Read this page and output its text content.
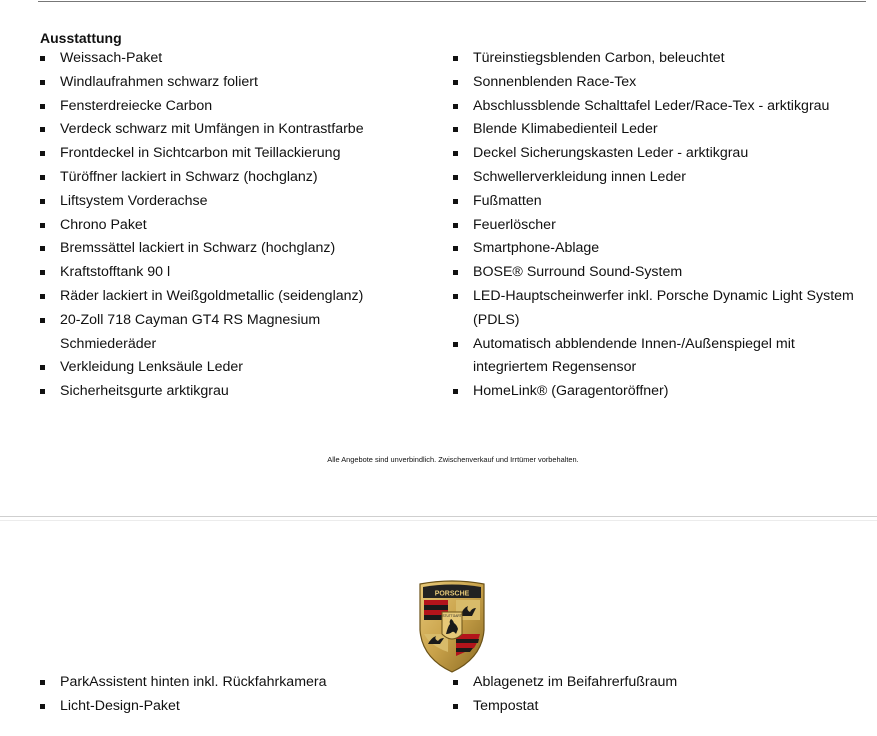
Ausstattung
Weissach-Paket
Windlaufrahmen schwarz foliert
Fensterdreiecke Carbon
Verdeck schwarz mit Umfängen in Kontrastfarbe
Frontdeckel in Sichtcarbon mit Teillackierung
Türöffner lackiert in Schwarz (hochglanz)
Liftsystem Vorderachse
Chrono Paket
Bremssättel lackiert in Schwarz (hochglanz)
Kraftstofftank 90 l
Räder lackiert in Weißgoldmetallic (seidenglanz)
20-Zoll 718 Cayman GT4 RS Magnesium Schmiederäder
Verkleidung Lenksäule Leder
Sicherheitsgurte arktikgrau
Türeinstiegsblenden Carbon, beleuchtet
Sonnenblenden Race-Tex
Abschlussblende Schalttafel Leder/Race-Tex - arktikgrau
Blende Klimabedienteil Leder
Deckel Sicherungskasten Leder - arktikgrau
Schwellerverkleidung innen Leder
Fußmatten
Feuerlöscher
Smartphone-Ablage
BOSE® Surround Sound-System
LED-Hauptscheinwerfer inkl. Porsche Dynamic Light System (PDLS)
Automatisch abblendende Innen-/Außenspiegel mit integriertem Regensensor
HomeLink® (Garagentoröffner)
Alle Angebote sind unverbindlich. Zwischenverkauf und Irrtümer vorbehalten.
PORSCHE
STUTTGART
ParkAssistent hinten inkl. Rückfahrkamera
Licht-Design-Paket
Ablagenetz im Beifahrerfußraum
Tempostat
